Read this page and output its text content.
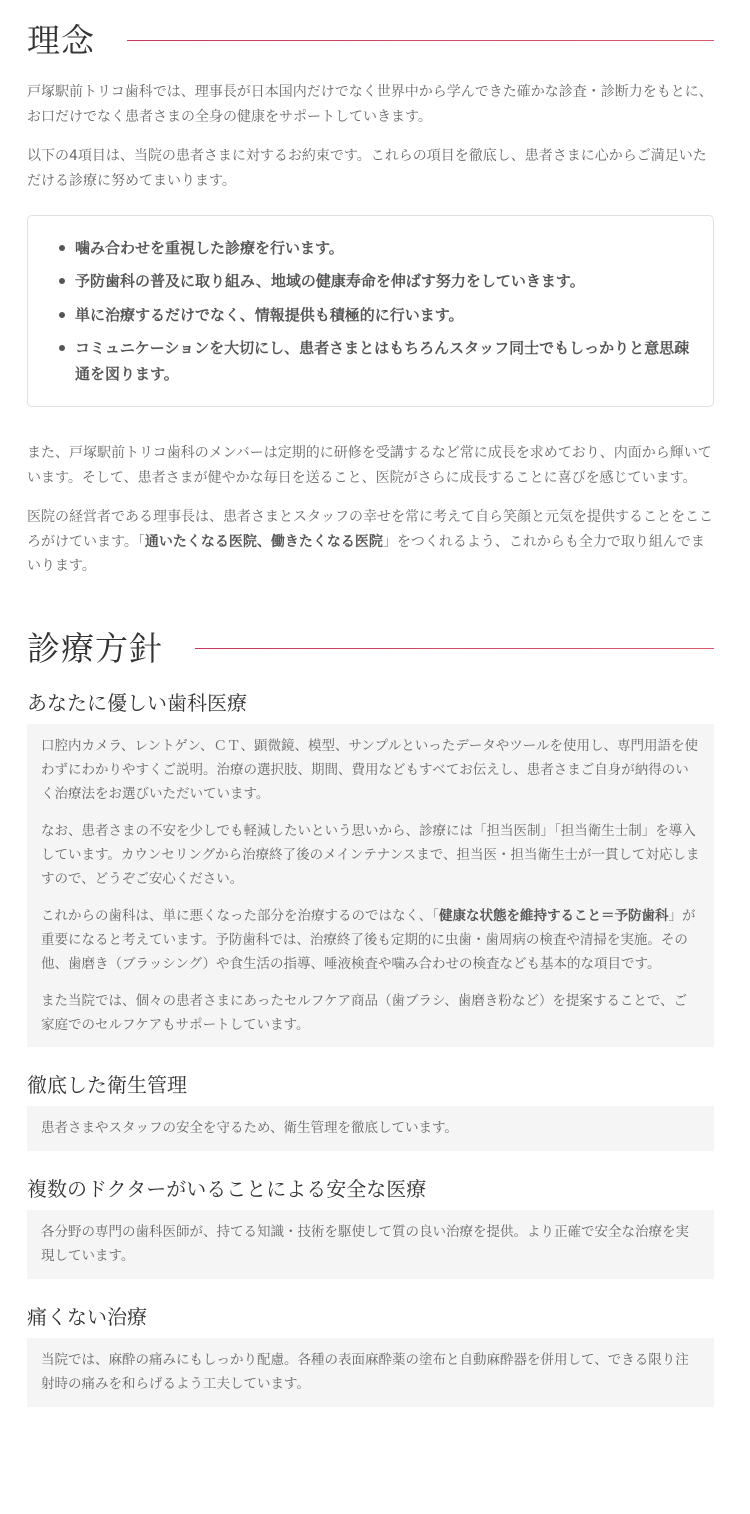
理念

戸塚駅前トリコ歯科では、理事長が日本国内だけでなく世界中から学んできた確かな診査・診断力をもとに、お口だけでなく患者さまの全身の健康をサポートしていきます。

以下の4項目は、当院の患者さまに対するお約束です。これらの項目を徹底し、患者さまに心からご満足いただける診療に努めてまいります。

噛み合わせを重視した診療を行います。
予防歯科の普及に取り組み、地域の健康寿命を伸ばす努力をしていきます。
単に治療するだけでなく、情報提供も積極的に行います。
コミュニケーションを大切にし、患者さまとはもちろんスタッフ同士でもしっかりと意思疎通を図ります。

また、戸塚駅前トリコ歯科のメンバーは定期的に研修を受講するなど常に成長を求めており、内面から輝いています。そして、患者さまが健やかな毎日を送ること、医院がさらに成長することに喜びを感じています。

医院の経営者である理事長は、患者さまとスタッフの幸せを常に考えて自ら笑顔と元気を提供することをこころがけています。「通いたくなる医院、働きたくなる医院」をつくれるよう、これからも全力で取り組んでまいります。

診療方針
あなたに優しい歯科医療

口腔内カメラ、レントゲン、ＣＴ、顕微鏡、模型、サンプルといったデータやツールを使用し、専門用語を使わずにわかりやすくご説明。治療の選択肢、期間、費用などもすべてお伝えし、患者さまご自身が納得のいく治療法をお選びいただいています。

なお、患者さまの不安を少しでも軽減したいという思いから、診療には「担当医制」「担当衛生士制」を導入しています。カウンセリングから治療終了後のメインテナンスまで、担当医・担当衛生士が一貫して対応しますので、どうぞご安心ください。

これからの歯科は、単に悪くなった部分を治療するのではなく、「健康な状態を維持すること＝予防歯科」が重要になると考えています。予防歯科では、治療終了後も定期的に虫歯・歯周病の検査や清掃を実施。その他、歯磨き（ブラッシング）や食生活の指導、唾液検査や噛み合わせの検査なども基本的な項目です。

また当院では、個々の患者さまにあったセルフケア商品（歯ブラシ、歯磨き粉など）を提案することで、ご家庭でのセルフケアもサポートしています。

徹底した衛生管理

患者さまやスタッフの安全を守るため、衛生管理を徹底しています。

複数のドクターがいることによる安全な医療

各分野の専門の歯科医師が、持てる知識・技術を駆使して質の良い治療を提供。より正確で安全な治療を実現しています。

痛くない治療

当院では、麻酔の痛みにもしっかり配慮。各種の表面麻酔薬の塗布と自動麻酔器を併用して、できる限り注射時の痛みを和らげるよう工夫しています。
